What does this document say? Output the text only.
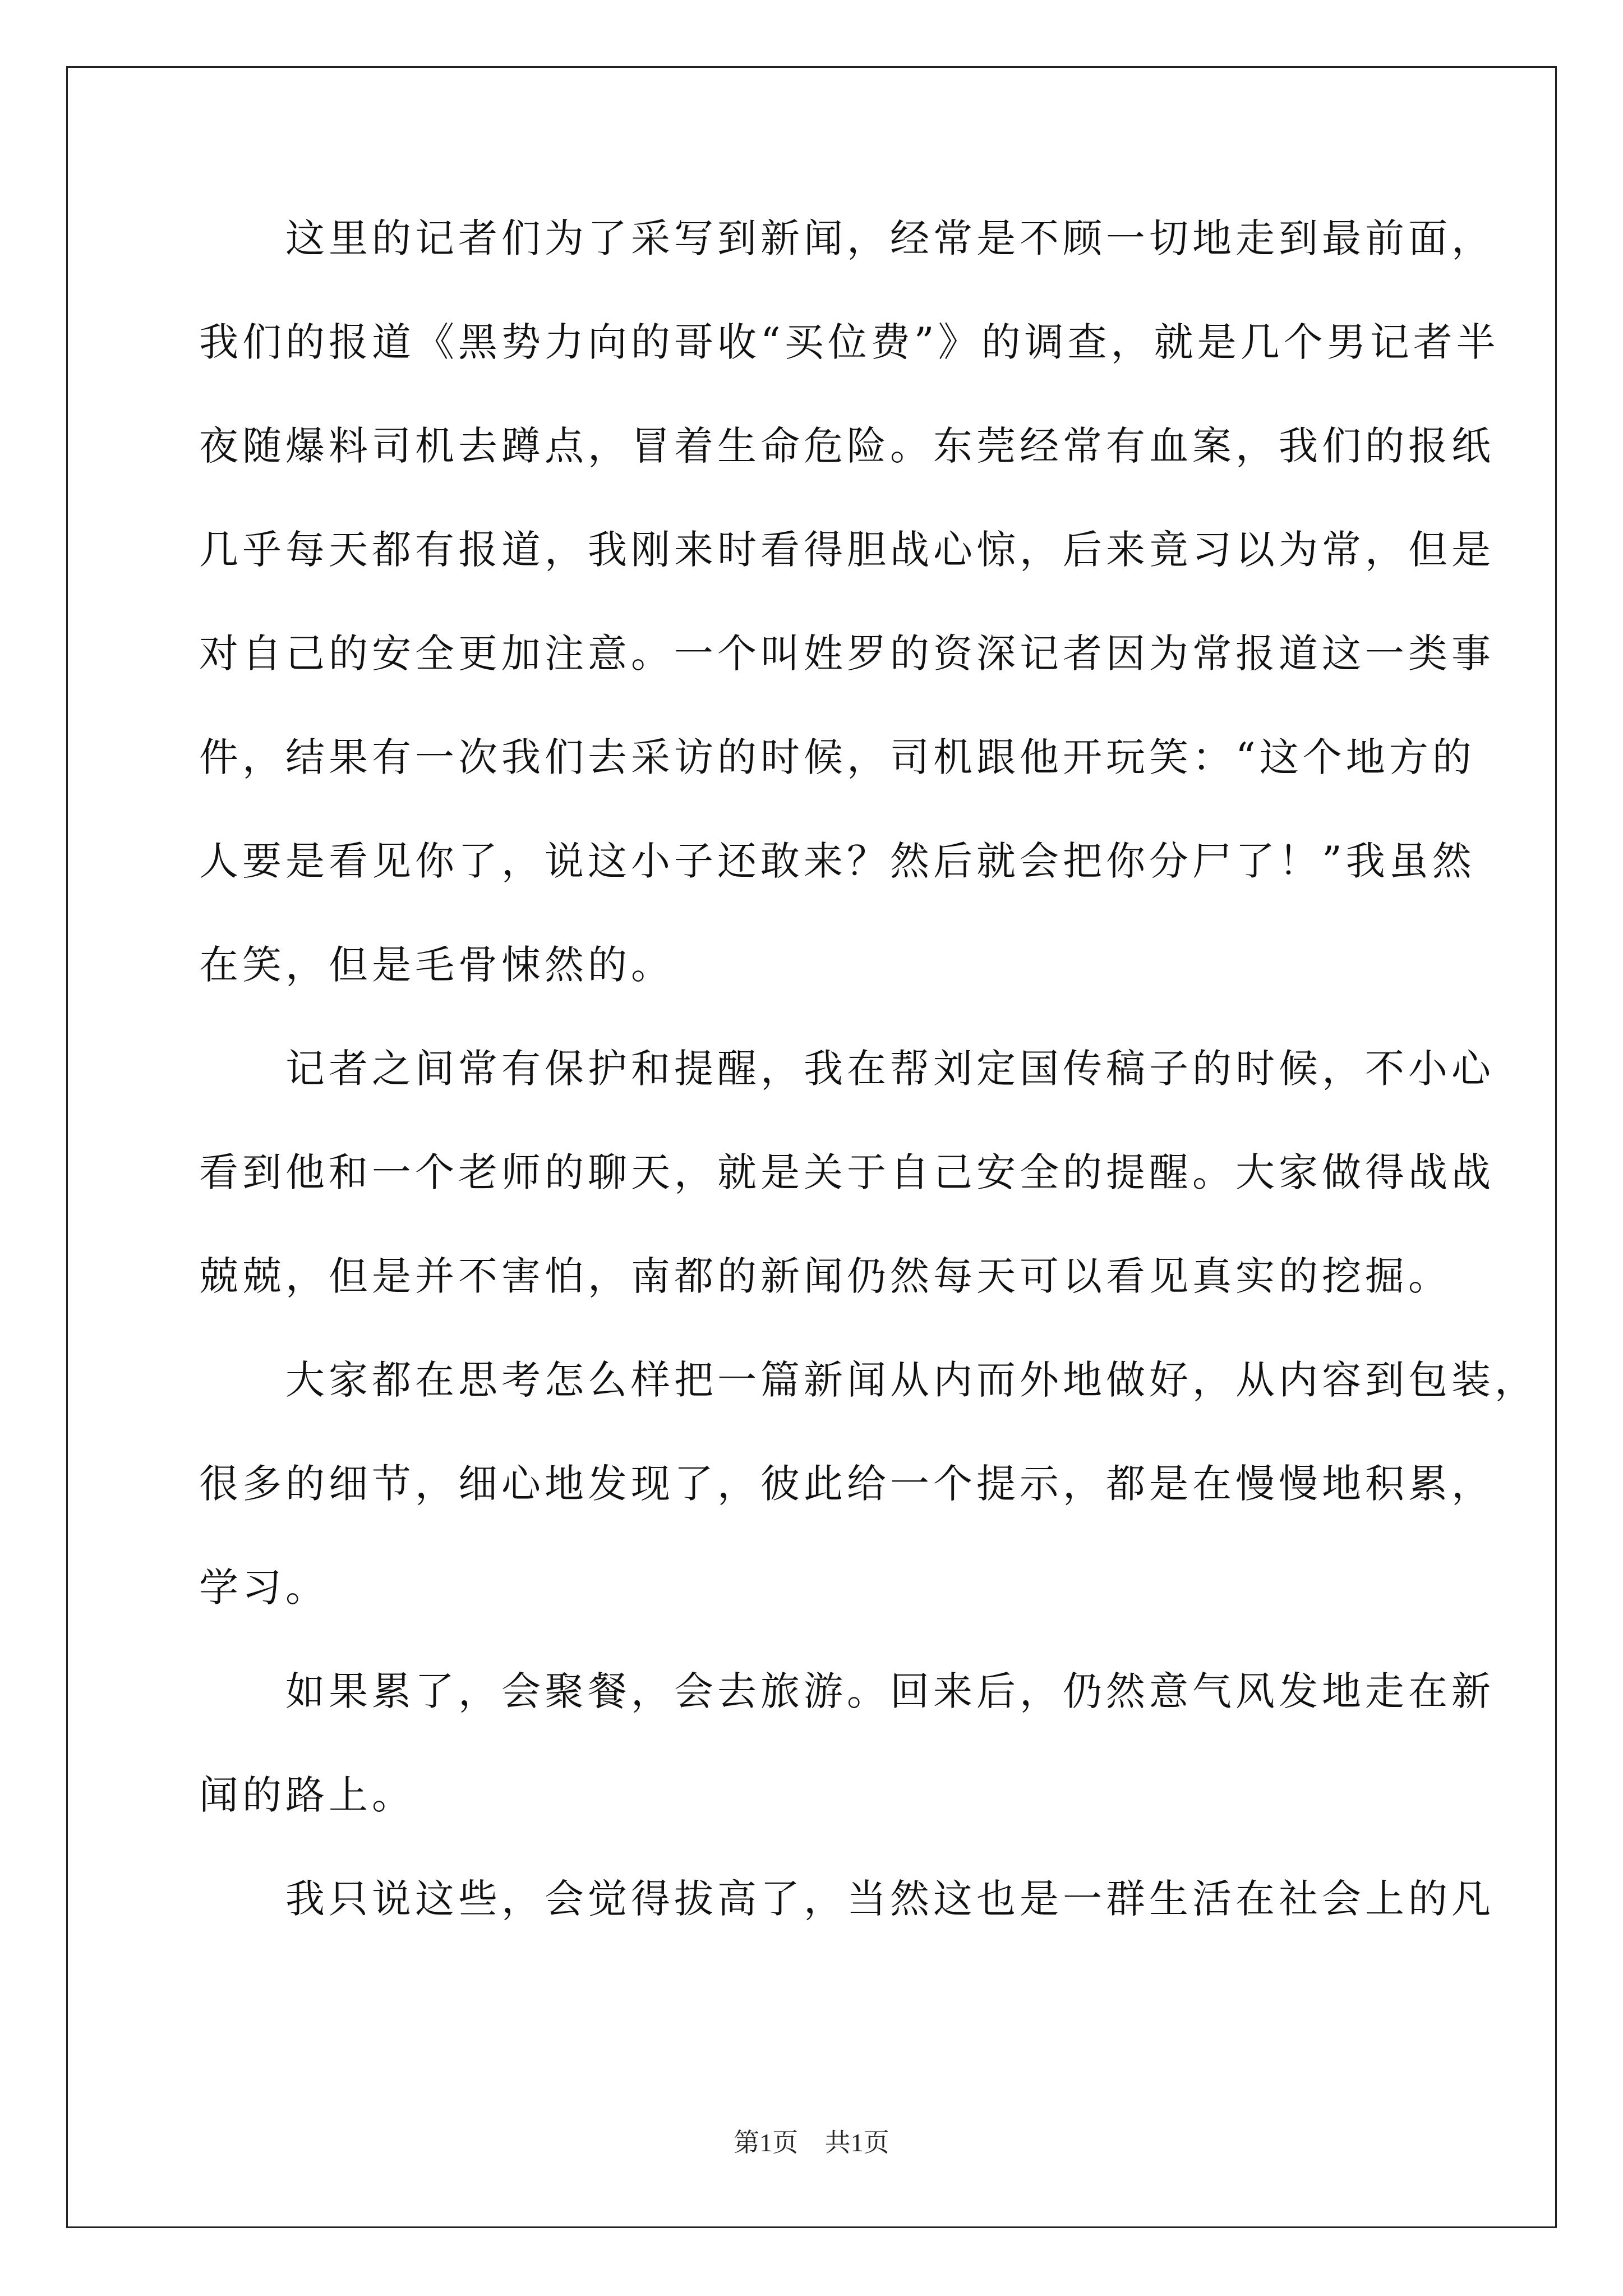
　　这里的记者们为了采写到新闻，经常是不顾一切地走到最前面，
我们的报道《黑势力向的哥收“买位费”》的调查，就是几个男记者半
夜随爆料司机去蹲点，冒着生命危险。东莞经常有血案，我们的报纸
几乎每天都有报道，我刚来时看得胆战心惊，后来竟习以为常，但是
对自己的安全更加注意。一个叫姓罗的资深记者因为常报道这一类事
件，结果有一次我们去采访的时候，司机跟他开玩笑：“这个地方的
人要是看见你了，说这小子还敢来？然后就会把你分尸了！”我虽然
在笑，但是毛骨悚然的。
　　记者之间常有保护和提醒，我在帮刘定国传稿子的时候，不小心
看到他和一个老师的聊天，就是关于自己安全的提醒。大家做得战战
兢兢，但是并不害怕，南都的新闻仍然每天可以看见真实的挖掘。
　　大家都在思考怎么样把一篇新闻从内而外地做好，从内容到包装，
很多的细节，细心地发现了，彼此给一个提示，都是在慢慢地积累，
学习。
　　如果累了，会聚餐，会去旅游。回来后，仍然意气风发地走在新
闻的路上。
　　我只说这些，会觉得拔高了，当然这也是一群生活在社会上的凡
第1页 共1页
